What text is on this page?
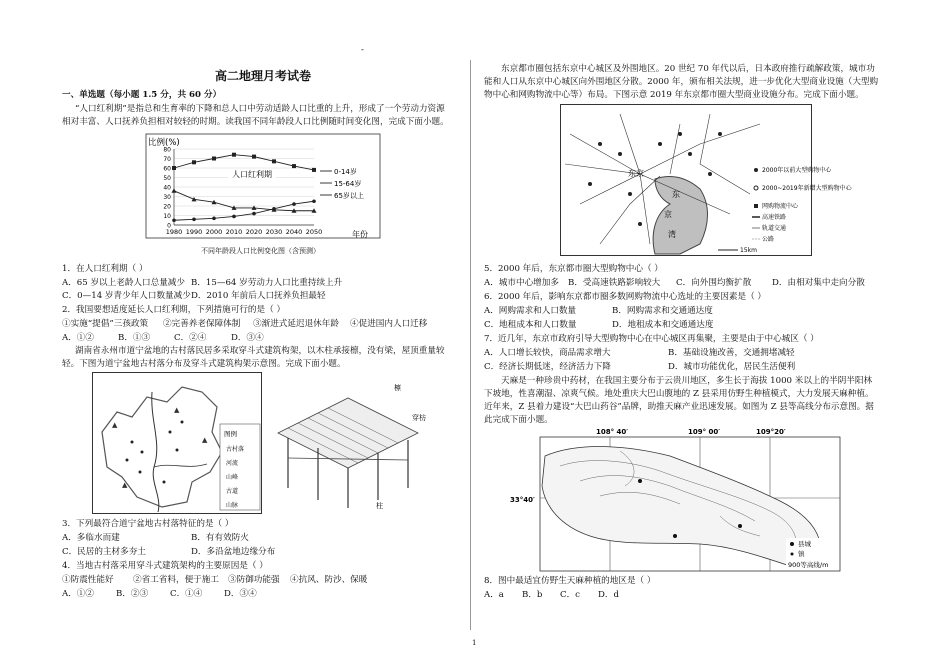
-
1
高二地理月考试卷
一、单选题（每小题 1.5 分，共 60 分）
“人口红利期”是指总和生育率的下降和总人口中劳动适龄人口比重的上升，形成了一个劳动力资源
相对丰富、人口抚养负担相对较轻的时期。读我国不同年龄段人口比例随时间变化图，完成下面小题。
比例(%)
0
10
20
30
40
50
60
70
80
1980 1990 2000 2010 2020 2030 2040 2050
0-14岁
15-64岁
65岁以上
人口红利期
年份
不同年龄段人口比例变化图（含预测）
1．在人口红利期（ ）
A．65 岁以上老龄人口总量减少 B．15—64 岁劳动力人口比重持续上升
C．0—14 岁青少年人口数量减少 D．2010 年前后人口抚养负担最轻
2．我国要想适度延长人口红利期，下列措施可行的是（ ）
①实施“提倡”三孩政策 ②完善养老保障体制 ③渐进式延迟退休年龄 ④促进国内人口迁移
A．①②	B．①③	C．②④	D．③④
湖南省永州市道宁盆地的古村落民居多采取穿斗式建筑构架，以木柱承接檩，没有梁，屋顶重量较
轻。下图为道宁盆地古村落分布及穿斗式建筑构架示意图。完成下面小题。
▲
▲
▲
▲
图例
古村落
河流
山峰
古道
山脉
檩
穿枋
柱
3．下列最符合道宁盆地古村落特征的是（ ）
A．多临水而建	B．有有效防火
C．民居的主材多夯土	D．多沿盆地边缘分布
4．当地古村落采用穿斗式建筑架构的主要原因是（ ）
①防震性能好 ②省工省料，便于施工 ③防御功能强 ④抗风、防沙、保暖
A．①②	B．②③	C．①④	D．③④
东京都市圈包括东京中心城区及外围地区。20 世纪 70 年代以后，日本政府推行疏解政策，城市功
能和人口从东京中心城区向外围地区分散。2000 年，颁布相关法规，进一步优化大型商业设施（大型购
物中心和网购物流中心等）布局。下图示意 2019 年东京都市圈大型商业设施分布。完成下面小题。
东京
东
京
湾
15km
2000年以前大型购物中心
2000~2019年新增大型购物中心
网购物流中心
高速铁路
轨道交通
公路
5．2000 年后，东京都市圈大型购物中心（ ）
A．城市中心增加多 B．受高速铁路影响较大 C．向外围均衡扩散 D．由相对集中走向分散
6．2000 年后，影响东京都市圈多数网购物流中心选址的主要因素是（ ）
A．网购需求和人口数量	B．网购需求和交通通达度
C．地租成本和人口数量	D．地租成本和交通通达度
7．近几年，东京市政府引导大型购物中心在中心城区再集聚，主要是由于中心城区（ ）
A．人口增长较快，商品需求增大	B．基础设施改善，交通拥堵减轻
C．经济长期低迷，经济活力下降	D．城市功能优化，居民生活便利
天麻是一种珍贵中药材，在我国主要分布于云贵川地区，多生长于海拔 1000 米以上的半阴半阳林
下坡地，性喜潮湿、凉爽气候。地处重庆大巴山腹地的 Z 县采用仿野生种植模式，大力发展天麻种植。
近年来，Z 县着力建设“大巴山药谷”品牌，助推天麻产业迅速发展。如图为 Z 县等高线分布示意图。据
此完成下面小题。
108° 40′	109° 00′	109°20′
33°40′
县城
镇
900等高线/m
8．图中最适宜仿野生天麻种植的地区是（ ）
A．a B．b C．c D．d
